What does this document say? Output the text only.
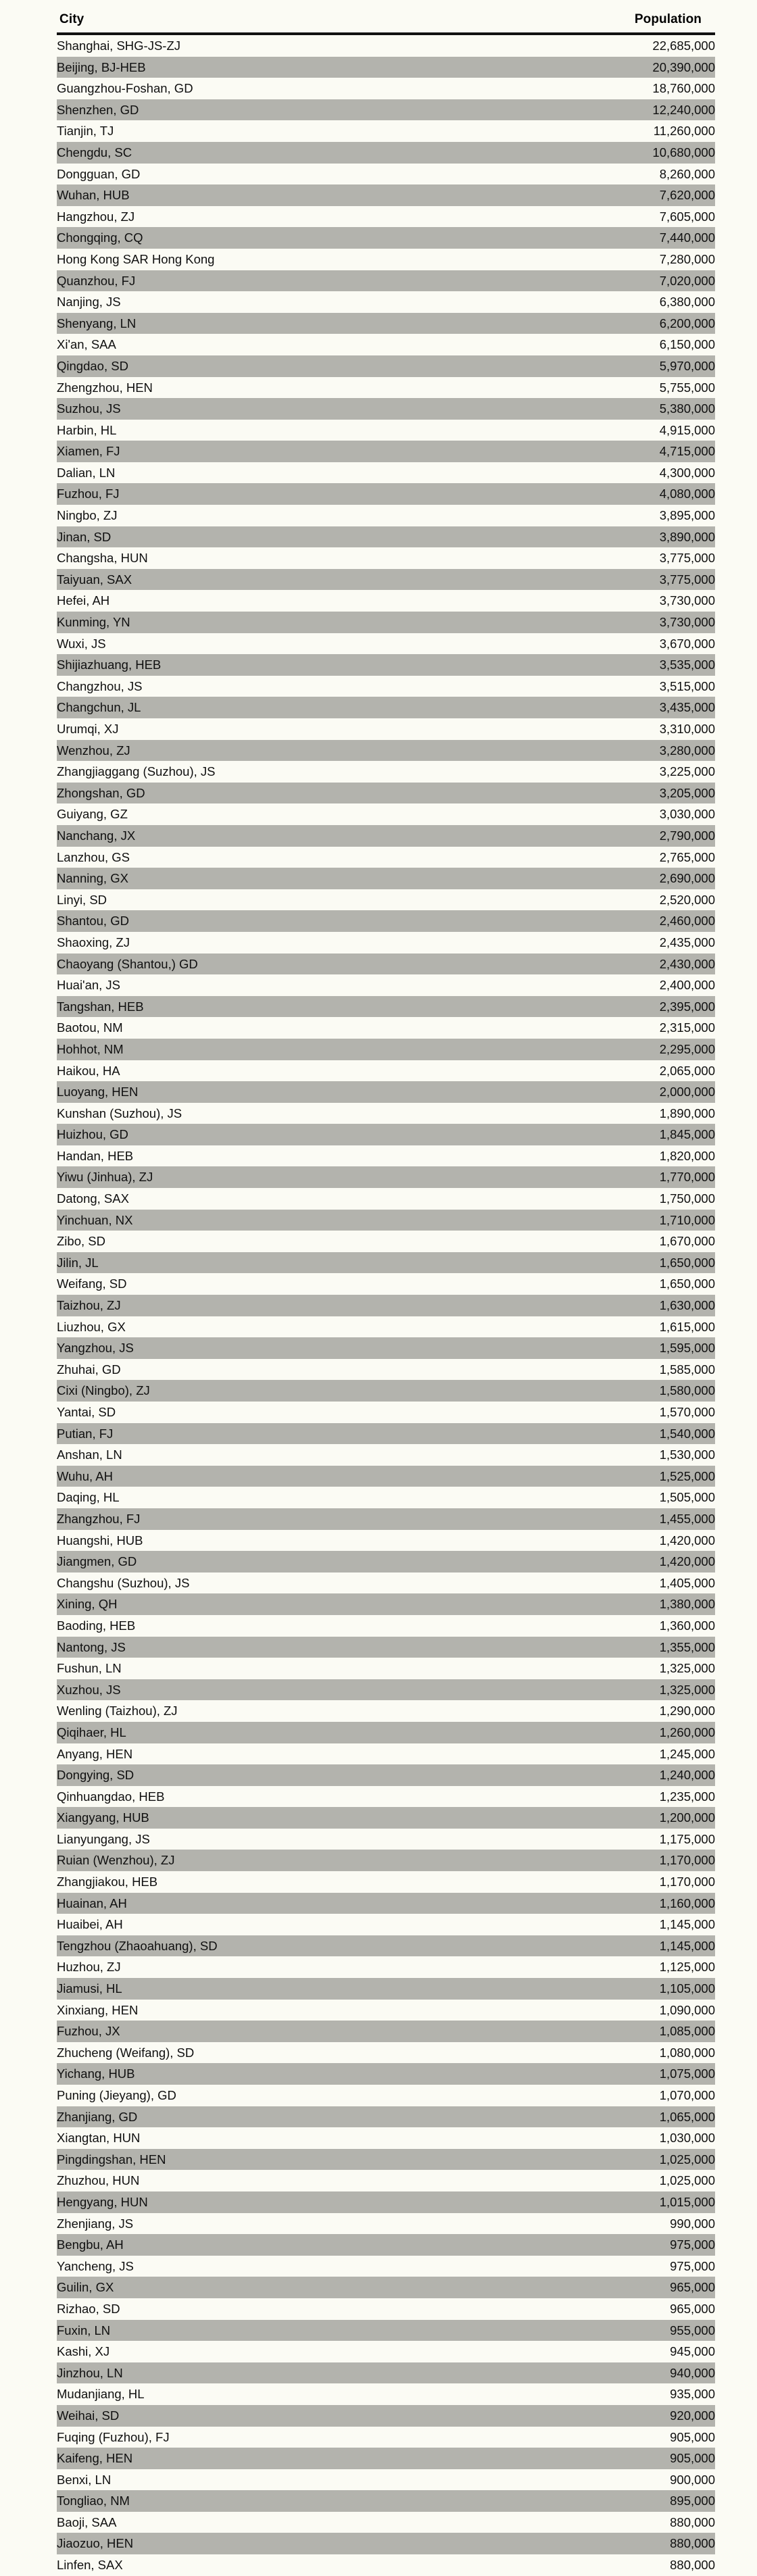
City	Population
Shanghai, SHG-JS-ZJ	22,685,000
Beijing, BJ-HEB	20,390,000
Guangzhou-Foshan, GD	18,760,000
Shenzhen, GD	12,240,000
Tianjin, TJ	11,260,000
Chengdu, SC	10,680,000
Dongguan, GD	8,260,000
Wuhan, HUB	7,620,000
Hangzhou, ZJ	7,605,000
Chongqing, CQ	7,440,000
Hong Kong SAR Hong Kong	7,280,000
Quanzhou, FJ	7,020,000
Nanjing, JS	6,380,000
Shenyang, LN	6,200,000
Xi'an, SAA	6,150,000
Qingdao, SD	5,970,000
Zhengzhou, HEN	5,755,000
Suzhou, JS	5,380,000
Harbin, HL	4,915,000
Xiamen, FJ	4,715,000
Dalian, LN	4,300,000
Fuzhou, FJ	4,080,000
Ningbo, ZJ	3,895,000
Jinan, SD	3,890,000
Changsha, HUN	3,775,000
Taiyuan, SAX	3,775,000
Hefei, AH	3,730,000
Kunming, YN	3,730,000
Wuxi, JS	3,670,000
Shijiazhuang, HEB	3,535,000
Changzhou, JS	3,515,000
Changchun, JL	3,435,000
Urumqi, XJ	3,310,000
Wenzhou, ZJ	3,280,000
Zhangjiaggang (Suzhou), JS	3,225,000
Zhongshan, GD	3,205,000
Guiyang, GZ	3,030,000
Nanchang, JX	2,790,000
Lanzhou, GS	2,765,000
Nanning, GX	2,690,000
Linyi, SD	2,520,000
Shantou, GD	2,460,000
Shaoxing, ZJ	2,435,000
Chaoyang (Shantou,) GD	2,430,000
Huai'an, JS	2,400,000
Tangshan, HEB	2,395,000
Baotou, NM	2,315,000
Hohhot, NM	2,295,000
Haikou, HA	2,065,000
Luoyang, HEN	2,000,000
Kunshan (Suzhou), JS	1,890,000
Huizhou, GD	1,845,000
Handan, HEB	1,820,000
Yiwu (Jinhua), ZJ	1,770,000
Datong, SAX	1,750,000
Yinchuan, NX	1,710,000
Zibo, SD	1,670,000
Jilin, JL	1,650,000
Weifang, SD	1,650,000
Taizhou, ZJ	1,630,000
Liuzhou, GX	1,615,000
Yangzhou, JS	1,595,000
Zhuhai, GD	1,585,000
Cixi (Ningbo), ZJ	1,580,000
Yantai, SD	1,570,000
Putian, FJ	1,540,000
Anshan, LN	1,530,000
Wuhu, AH	1,525,000
Daqing, HL	1,505,000
Zhangzhou, FJ	1,455,000
Huangshi, HUB	1,420,000
Jiangmen, GD	1,420,000
Changshu (Suzhou), JS	1,405,000
Xining, QH	1,380,000
Baoding, HEB	1,360,000
Nantong, JS	1,355,000
Fushun, LN	1,325,000
Xuzhou, JS	1,325,000
Wenling (Taizhou), ZJ	1,290,000
Qiqihaer, HL	1,260,000
Anyang, HEN	1,245,000
Dongying, SD	1,240,000
Qinhuangdao, HEB	1,235,000
Xiangyang, HUB	1,200,000
Lianyungang, JS	1,175,000
Ruian (Wenzhou), ZJ	1,170,000
Zhangjiakou, HEB	1,170,000
Huainan, AH	1,160,000
Huaibei, AH	1,145,000
Tengzhou (Zhaoahuang), SD	1,145,000
Huzhou, ZJ	1,125,000
Jiamusi, HL	1,105,000
Xinxiang, HEN	1,090,000
Fuzhou, JX	1,085,000
Zhucheng (Weifang), SD	1,080,000
Yichang, HUB	1,075,000
Puning (Jieyang), GD	1,070,000
Zhanjiang, GD	1,065,000
Xiangtan, HUN	1,030,000
Pingdingshan, HEN	1,025,000
Zhuzhou, HUN	1,025,000
Hengyang, HUN	1,015,000
Zhenjiang, JS	990,000
Bengbu, AH	975,000
Yancheng, JS	975,000
Guilin, GX	965,000
Rizhao, SD	965,000
Fuxin, LN	955,000
Kashi, XJ	945,000
Jinzhou, LN	940,000
Mudanjiang, HL	935,000
Weihai, SD	920,000
Fuqing (Fuzhou), FJ	905,000
Kaifeng, HEN	905,000
Benxi, LN	900,000
Tongliao, NM	895,000
Baoji, SAA	880,000
Jiaozuo, HEN	880,000
Linfen, SAX	880,000
